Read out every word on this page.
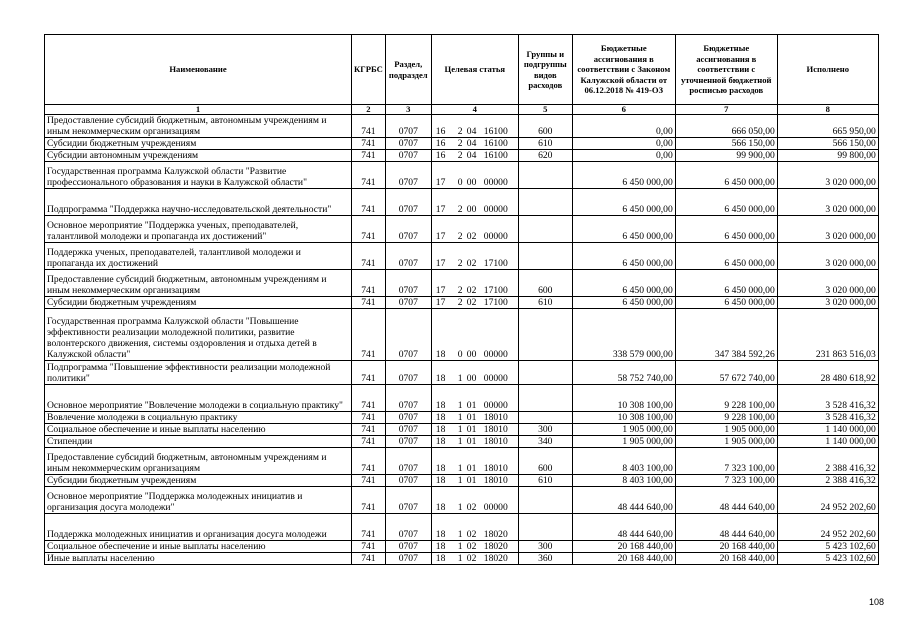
Наименование	КГРБС	Раздел, подраздел	Целевая статья	Группы и подгруппы видов расходов	Бюджетные ассигнования в соответствии с Законом Калужской области от 06.12.2018 № 419-ОЗ	Бюджетные ассигнования в соответствии с уточненной бюджетной росписью расходов	Исполнено
1	2	3	4	5	6	7	8
Предоставление субсидий бюджетным, автономным учреждениям и иным некоммерческим организациям	741	0707	16 2 04 16100	600	0,00	666 050,00	665 950,00
Субсидии бюджетным учреждениям	741	0707	16 2 04 16100	610	0,00	566 150,00	566 150,00
Субсидии автономным учреждениям	741	0707	16 2 04 16100	620	0,00	99 900,00	99 800,00
Государственная программа Калужской области "Развитие профессионального образования и науки в Калужской области"	741	0707	17 0 00 00000		6 450 000,00	6 450 000,00	3 020 000,00
Подпрограмма "Поддержка научно-исследовательской деятельности"	741	0707	17 2 00 00000		6 450 000,00	6 450 000,00	3 020 000,00
Основное мероприятие "Поддержка ученых, преподавателей, талантливой молодежи и пропаганда их достижений"	741	0707	17 2 02 00000		6 450 000,00	6 450 000,00	3 020 000,00
Поддержка ученых, преподавателей, талантливой молодежи и пропаганда их достижений	741	0707	17 2 02 17100		6 450 000,00	6 450 000,00	3 020 000,00
Предоставление субсидий бюджетным, автономным учреждениям и иным некоммерческим организациям	741	0707	17 2 02 17100	600	6 450 000,00	6 450 000,00	3 020 000,00
Субсидии бюджетным учреждениям	741	0707	17 2 02 17100	610	6 450 000,00	6 450 000,00	3 020 000,00
Государственная программа Калужской области "Повышение эффективности реализации молодежной политики, развитие волонтерского движения, системы оздоровления и отдыха детей в Калужской области"	741	0707	18 0 00 00000		338 579 000,00	347 384 592,26	231 863 516,03
Подпрограмма "Повышение эффективности реализации молодежной политики"	741	0707	18 1 00 00000		58 752 740,00	57 672 740,00	28 480 618,92
Основное мероприятие "Вовлечение молодежи в социальную практику"	741	0707	18 1 01 00000		10 308 100,00	9 228 100,00	3 528 416,32
Вовлечение молодежи в социальную практику	741	0707	18 1 01 18010		10 308 100,00	9 228 100,00	3 528 416,32
Социальное обеспечение и иные выплаты населению	741	0707	18 1 01 18010	300	1 905 000,00	1 905 000,00	1 140 000,00
Стипендии	741	0707	18 1 01 18010	340	1 905 000,00	1 905 000,00	1 140 000,00
Предоставление субсидий бюджетным, автономным учреждениям и иным некоммерческим организациям	741	0707	18 1 01 18010	600	8 403 100,00	7 323 100,00	2 388 416,32
Субсидии бюджетным учреждениям	741	0707	18 1 01 18010	610	8 403 100,00	7 323 100,00	2 388 416,32
Основное мероприятие "Поддержка молодежных инициатив и организация досуга молодежи"	741	0707	18 1 02 00000		48 444 640,00	48 444 640,00	24 952 202,60
Поддержка молодежных инициатив и организация досуга молодежи	741	0707	18 1 02 18020		48 444 640,00	48 444 640,00	24 952 202,60
Социальное обеспечение и иные выплаты населению	741	0707	18 1 02 18020	300	20 168 440,00	20 168 440,00	5 423 102,60
Иные выплаты населению	741	0707	18 1 02 18020	360	20 168 440,00	20 168 440,00	5 423 102,60
108
